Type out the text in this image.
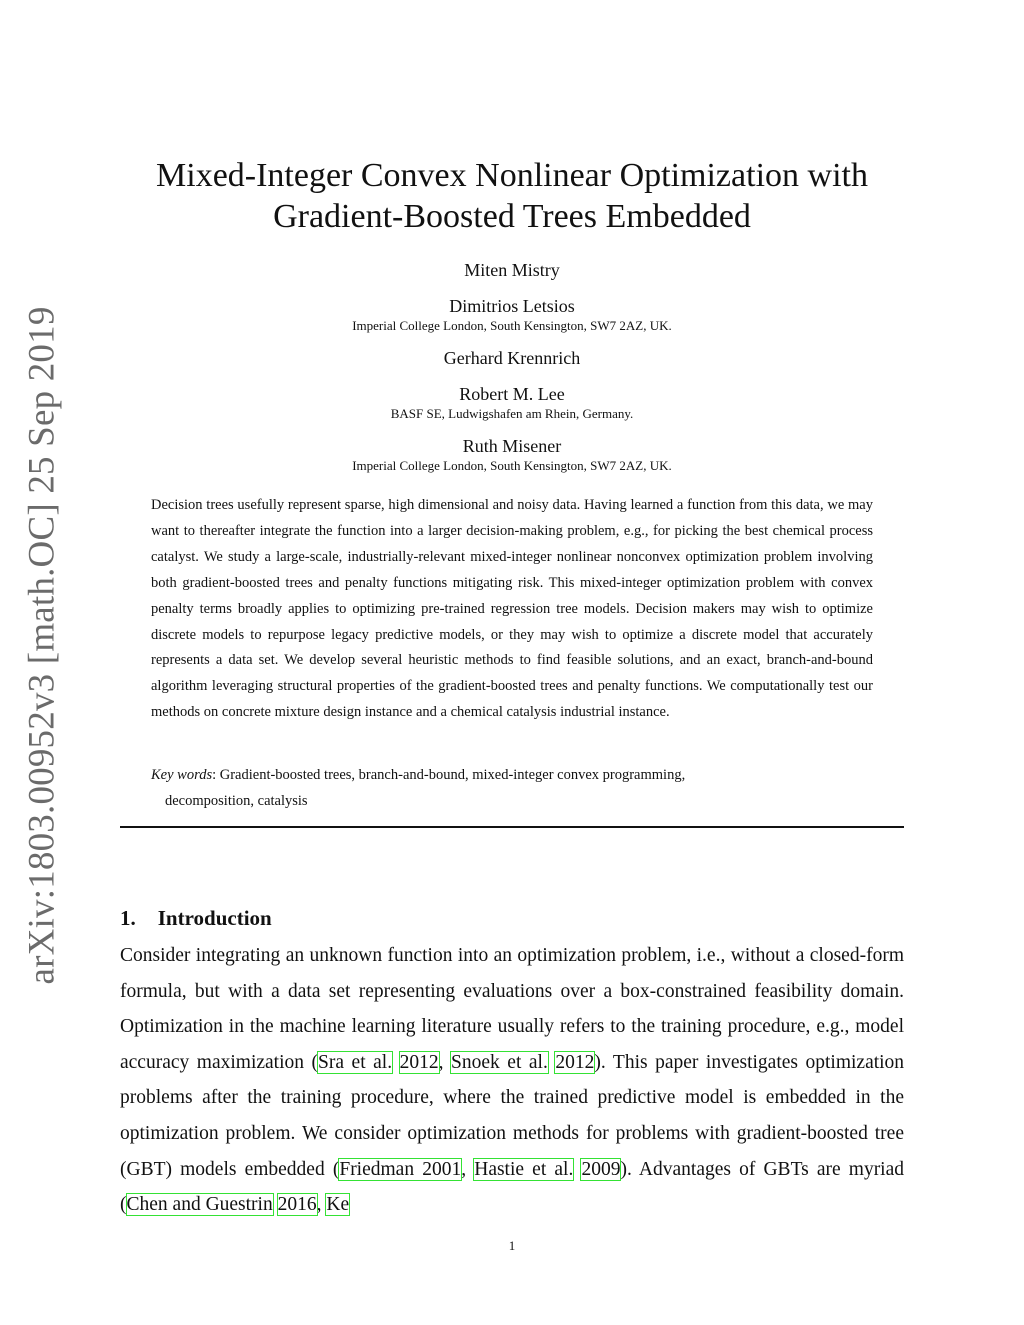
arXiv:1803.00952v3 [math.OC] 25 Sep 2019
Mixed-Integer Convex Nonlinear Optimization with
Gradient-Boosted Trees Embedded
Miten Mistry
Dimitrios Letsios
Imperial College London, South Kensington, SW7 2AZ, UK.
Gerhard Krennrich
Robert M. Lee
BASF SE, Ludwigshafen am Rhein, Germany.
Ruth Misener
Imperial College London, South Kensington, SW7 2AZ, UK.

Decision trees usefully represent sparse, high dimensional and noisy data. Having learned a function from this data, we may want to thereafter integrate the function into a larger decision-making problem, e.g., for picking the best chemical process catalyst. We study a large-scale, industrially-relevant mixed-integer nonlinear nonconvex optimization problem involving both gradient-boosted trees and penalty functions mitigating risk. This mixed-integer optimization problem with convex penalty terms broadly applies to optimizing pre-trained regression tree models. Decision makers may wish to optimize discrete models to repurpose legacy predictive models, or they may wish to optimize a discrete model that accurately represents a data set. We develop several heuristic methods to find feasible solutions, and an exact, branch-and-bound algorithm leveraging structural properties of the gradient-boosted trees and penalty functions. We computationally test our methods on concrete mixture design instance and a chemical catalysis industrial instance.

Key words: Gradient-boosted trees, branch-and-bound, mixed-integer convex programming,
decomposition, catalysis
1. Introduction

Consider integrating an unknown function into an optimization problem, i.e., without a closed-form formula, but with a data set representing evaluations over a box-constrained feasibility domain. Optimization in the machine learning literature usually refers to the training procedure, e.g., model accuracy maximization (Sra et al. 2012, Snoek et al. 2012). This paper investigates optimization problems after the training procedure, where the trained predictive model is embedded in the optimization problem. We consider optimization methods for problems with gradient-boosted tree (GBT) models embedded (Friedman 2001, Hastie et al. 2009). Advantages of GBTs are myriad (Chen and Guestrin 2016, Ke

1
